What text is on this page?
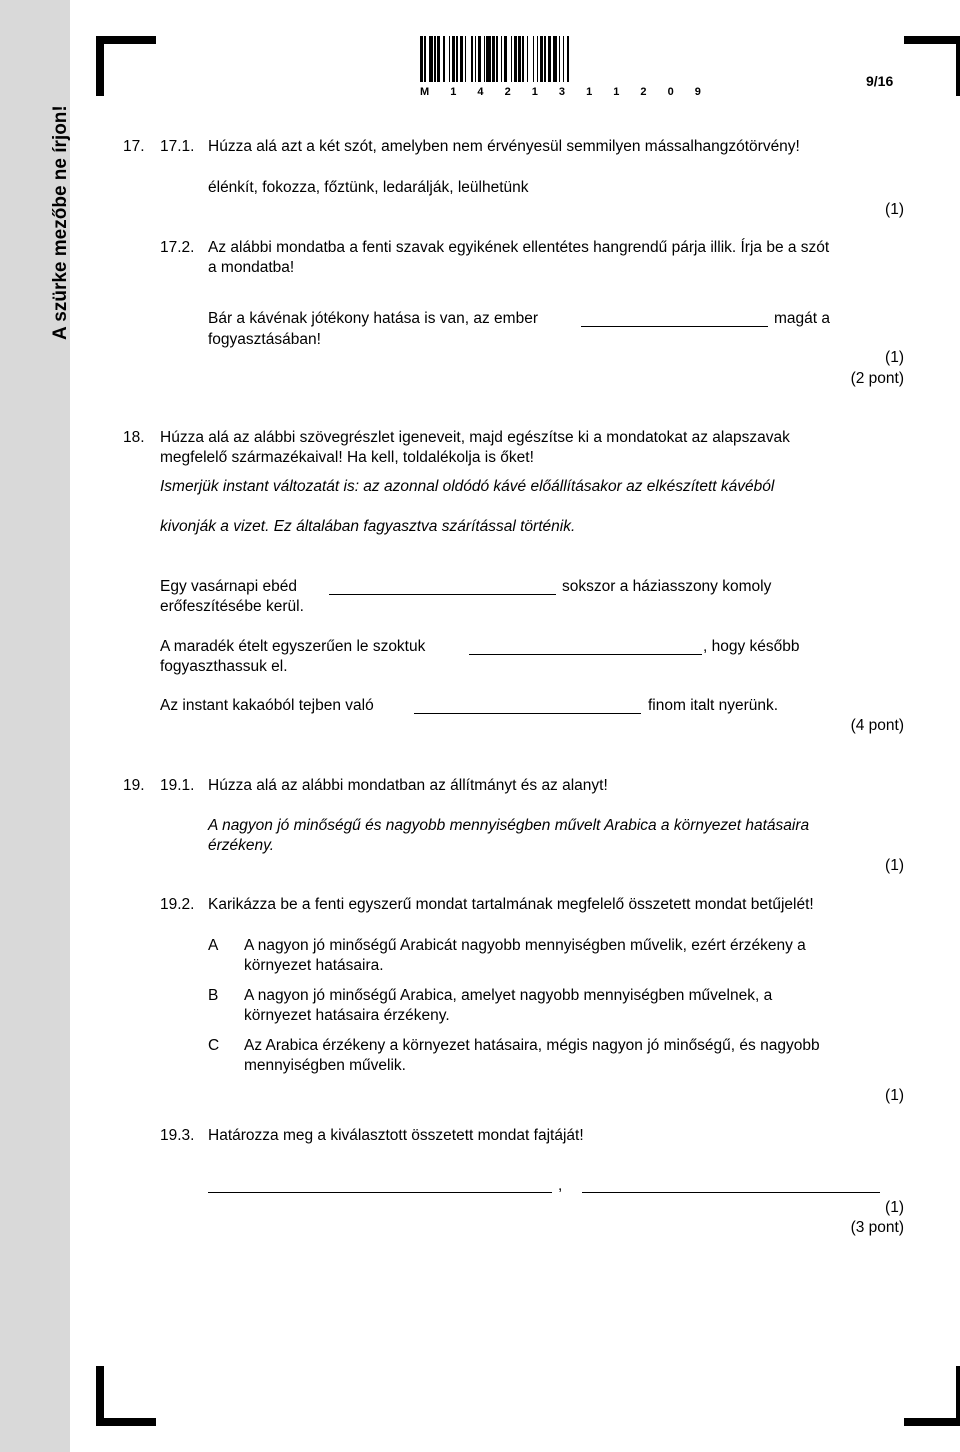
A szürke mezőbe ne írjon!
M 1 4 2 1 3 1 1 2 0 9
9/16
17. 17.1. Húzza alá azt a két szót, amelyben nem érvényesül semmilyen mássalhangzótörvény!
élénkít, fokozza, főztünk, ledarálják, leülhetünk
(1)
17.2. Az alábbi mondatba a fenti szavak egyikének ellentétes hangrendű párja illik. Írja be a szót
a mondatba!
Bár a kávénak jótékony hatása is van, az ember	magát a
fogyasztásában!
(1)
(2 pont)
18. Húzza alá az alábbi szövegrészlet igeneveit, majd egészítse ki a mondatokat az alapszavak
megfelelő származékaival! Ha kell, toldalékolja is őket!
Ismerjük instant változatát is: az azonnal oldódó kávé előállításakor az elkészített kávéból
kivonják a vizet. Ez általában fagyasztva szárítással történik.
Egy vasárnapi ebéd	sokszor a háziasszony komoly
erőfeszítésébe kerül.
A maradék ételt egyszerűen le szoktuk	, hogy később
fogyaszthassuk el.
Az instant kakaóból tejben való	finom italt nyerünk.
(4 pont)
19. 19.1. Húzza alá az alábbi mondatban az állítmányt és az alanyt!
A nagyon jó minőségű és nagyobb mennyiségben művelt Arabica a környezet hatásaira
érzékeny.
(1)
19.2. Karikázza be a fenti egyszerű mondat tartalmának megfelelő összetett mondat betűjelét!
A A nagyon jó minőségű Arabicát nagyobb mennyiségben művelik, ezért érzékeny a
környezet hatásaira.
B A nagyon jó minőségű Arabica, amelyet nagyobb mennyiségben művelnek, a
környezet hatásaira érzékeny.
C Az Arabica érzékeny a környezet hatásaira, mégis nagyon jó minőségű, és nagyobb
mennyiségben művelik.
(1)
19.3. Határozza meg a kiválasztott összetett mondat fajtáját!
,
(1)
(3 pont)
